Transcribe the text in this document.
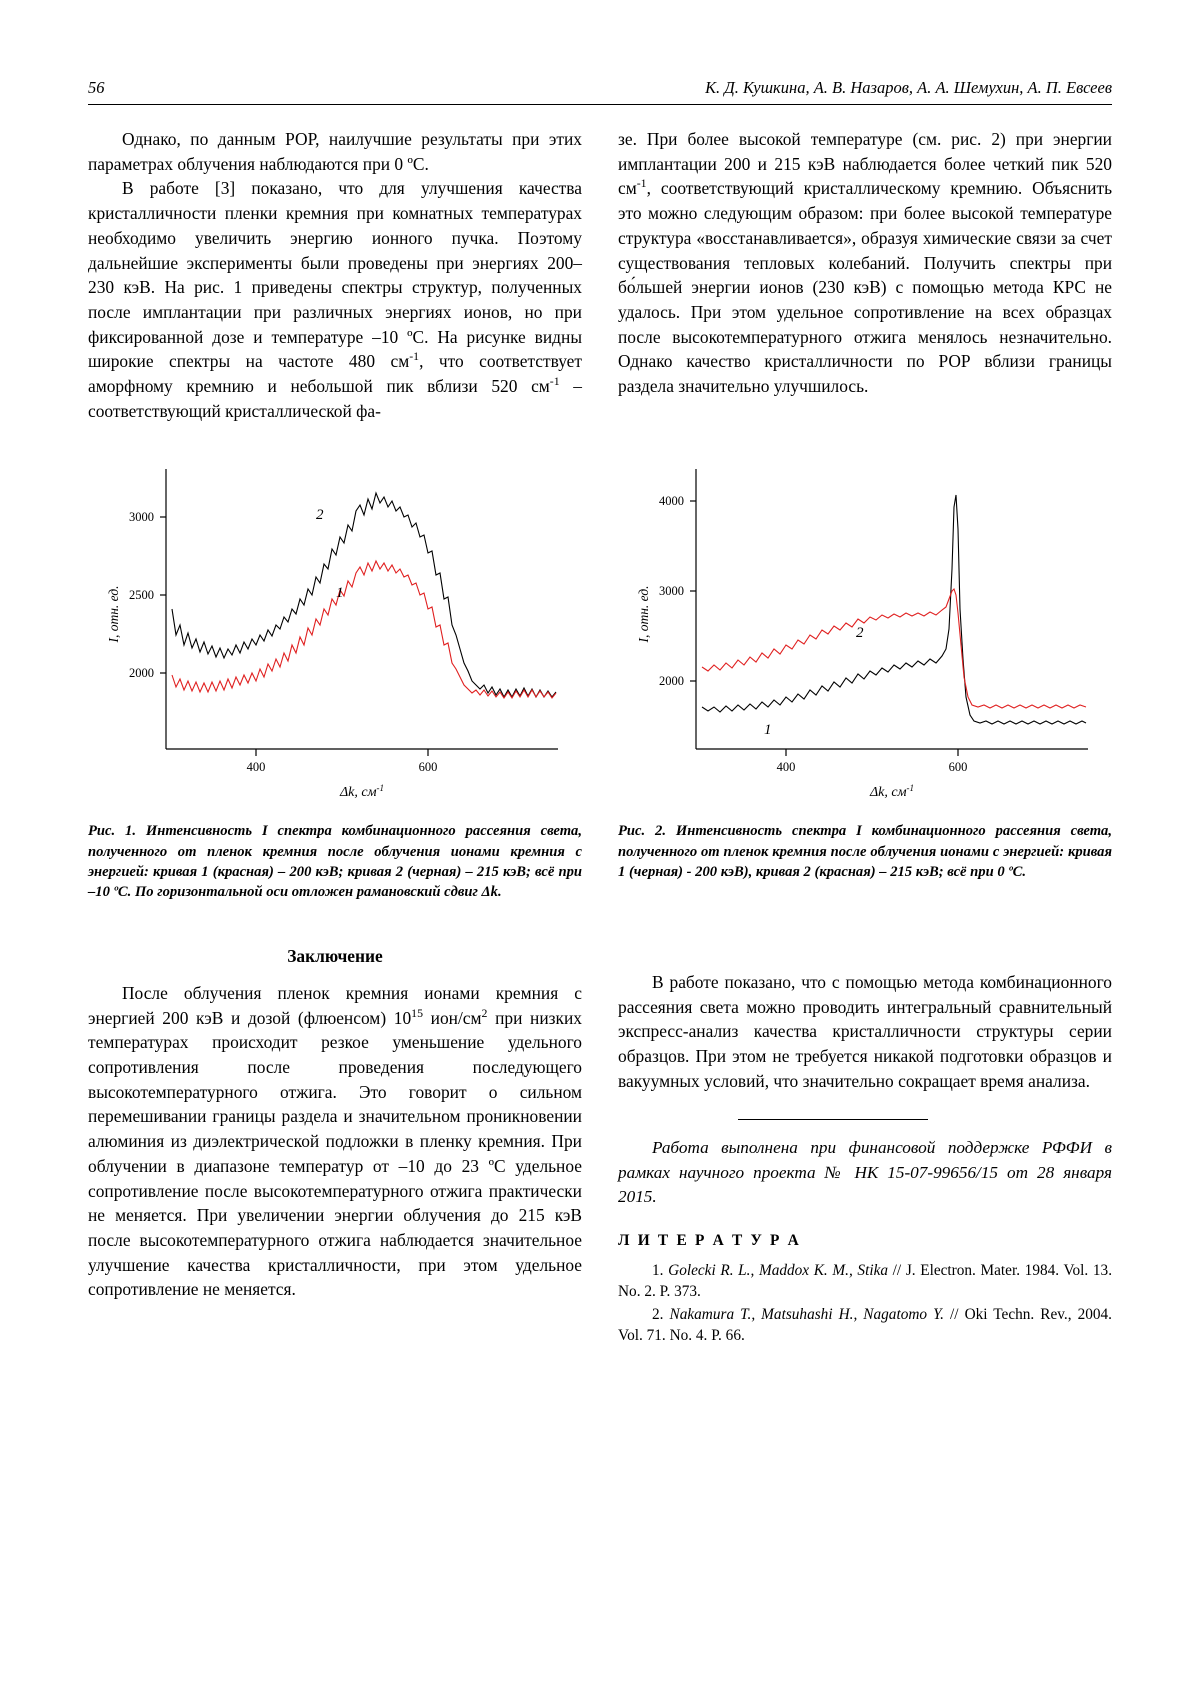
56	К. Д. Кушкина, А. В. Назаров, А. А. Шемухин, А. П. Евсеев

Однако, по данным РОР, наилучшие результаты при этих параметрах облучения наблюдаются при 0 ºС.

В работе [3] показано, что для улучшения качества кристалличности пленки кремния при комнатных температурах необходимо увеличить энергию ионного пучка. Поэтому дальнейшие эксперименты были проведены при энергиях 200–230 кэВ. На рис. 1 приведены спектры структур, полученных после имплантации при различных энергиях ионов, но при фиксированной дозе и температуре –10 ºС. На рисунке видны широкие спектры на частоте 480 $см^{-1}$, что соответствует аморфному кремнию и небольшой пик вблизи 520 $см^{-1}$ – соответствующий кристаллической фа-

зе. При более высокой температуре (см. рис. 2) при энергии имплантации 200 и 215 кэВ наблюдается более четкий пик 520 $см^{-1}$, соответствующий кристаллическому кремнию. Объяснить это можно следующим образом: при более высокой температуре структура «восстанавливается», образуя химические связи за счет существования тепловых колебаний. Получить спектры при бо́льшей энергии ионов (230 кэВ) с помощью метода КРС не удалось. При этом удельное сопротивление на всех образцах после высокотемпературного отжига менялось незначительно. Однако качество кристалличности по РОР вблизи границы раздела значительно улучшилось.

3000
2500
2000
400	600
I, отн. ед.
Δk, $см^{-1}$
2
1
Рис. 1. Интенсивность I спектра комбинационного рассеяния света, полученного от пленок кремния после облучения ионами кремния с энергией: кривая 1 (красная) – 200 кэВ; кривая 2 (черная) – 215 кэВ; всё при –10 ºС. По горизонтальной оси отложен рамановский сдвиг Δk.
4000
3000
2000
400	600
I, отн. ед.
Δk, $см^{-1}$
2
1
Рис. 2. Интенсивность спектра I комбинационного рассеяния света, полученного от пленок кремния после облучения ионами с энергией: кривая 1 (черная) - 200 кэВ), кривая 2 (красная) – 215 кэВ; всё при 0 ºС.

Заключение

После облучения пленок кремния ионами кремния с энергией 200 кэВ и дозой (флюенсом) $10^{15}$ ион/$см^2$ при низких температурах происходит резкое уменьшение удельного сопротивления после проведения последующего высокотемпературного отжига. Это говорит о сильном перемешивании границы раздела и значительном проникновении алюминия из диэлектрической подложки в пленку кремния. При облучении в диапазоне температур от –10 до 23 ºС удельное сопротивление после высокотемпературного отжига практически не меняется. При увеличении энергии облучения до 215 кэВ после высокотемпературного отжига наблюдается значительное улучшение качества кристалличности, при этом удельное сопротивление не меняется.

В работе показано, что с помощью метода комбинационного рассеяния света можно проводить интегральный сравнительный экспресс-анализ качества кристалличности структуры серии образцов. При этом не требуется никакой подготовки образцов и вакуумных условий, что значительно сокращает время анализа.

Работа выполнена при финансовой поддержке РФФИ в рамках научного проекта № НК 15-07-99656/15 от 28 января 2015.

Л И Т Е Р А Т У Р А

1. Golecki R. L., Maddox K. M., Stika // J. Electron. Mater. 1984. Vol. 13. No. 2. P. 373.

2. Nakamura T., Matsuhashi H., Nagatomo Y. // Oki Techn. Rev., 2004. Vol. 71. No. 4. P. 66.
